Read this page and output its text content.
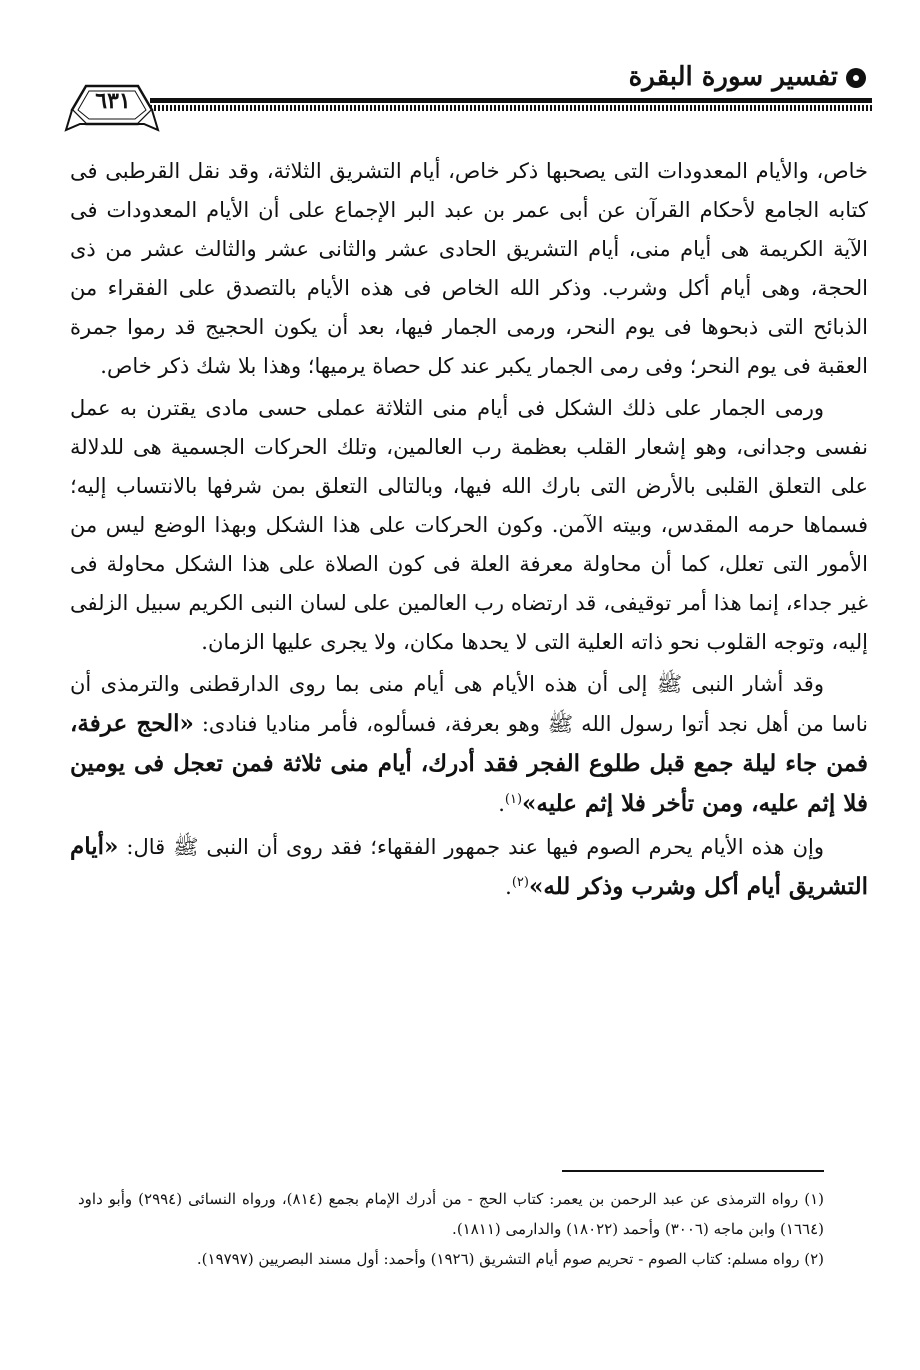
تفسير سورة البقرة
٦٣١

خاص، والأيام المعدودات التى يصحبها ذكر خاص، أيام التشريق الثلاثة، وقد نقل القرطبى فى كتابه الجامع لأحكام القرآن عن أبى عمر بن عبد البر الإجماع على أن الأيام المعدودات فى الآية الكريمة هى أيام منى، أيام التشريق الحادى عشر والثانى عشر والثالث عشر من ذى الحجة، وهى أيام أكل وشرب. وذكر الله الخاص فى هذه الأيام بالتصدق على الفقراء من الذبائح التى ذبحوها فى يوم النحر، ورمى الجمار فيها، بعد أن يكون الحجيج قد رموا جمرة العقبة فى يوم النحر؛ وفى رمى الجمار يكبر عند كل حصاة يرميها؛ وهذا بلا شك ذكر خاص.

ورمى الجمار على ذلك الشكل فى أيام منى الثلاثة عملى حسى مادى يقترن به عمل نفسى وجدانى، وهو إشعار القلب بعظمة رب العالمين، وتلك الحركات الجسمية هى للدلالة على التعلق القلبى بالأرض التى بارك الله فيها، وبالتالى التعلق بمن شرفها بالانتساب إليه؛ فسماها حرمه المقدس، وبيته الآمن. وكون الحركات على هذا الشكل وبهذا الوضع ليس من الأمور التى تعلل، كما أن محاولة معرفة العلة فى كون الصلاة على هذا الشكل محاولة فى غير جداء، إنما هذا أمر توقيفى، قد ارتضاه رب العالمين على لسان النبى الكريم سبيل الزلفى إليه، وتوجه القلوب نحو ذاته العلية التى لا يحدها مكان، ولا يجرى عليها الزمان.

وقد أشار النبى ﷺ إلى أن هذه الأيام هى أيام منى بما روى الدارقطنى والترمذى أن ناسا من أهل نجد أتوا رسول الله ﷺ وهو بعرفة، فسألوه، فأمر مناديا فنادى: «الحج عرفة، فمن جاء ليلة جمع قبل طلوع الفجر فقد أدرك، أيام منى ثلاثة فمن تعجل فى يومين فلا إثم عليه، ومن تأخر فلا إثم عليه»$^{(١)}$.

وإن هذه الأيام يحرم الصوم فيها عند جمهور الفقهاء؛ فقد روى أن النبى ﷺ قال: «أيام التشريق أيام أكل وشرب وذكر لله»$^{(٢)}$.

(١) رواه الترمذى عن عبد الرحمن بن يعمر: كتاب الحج - من أدرك الإمام بجمع (٨١٤)، ورواه النسائى (٢٩٩٤) وأبو داود (١٦٦٤) وابن ماجه (٣٠٠٦) وأحمد (١٨٠٢٢) والدارمى (١٨١١).

(٢) رواه مسلم: كتاب الصوم - تحريم صوم أيام التشريق (١٩٢٦) وأحمد: أول مسند البصريين (١٩٧٩٧).
